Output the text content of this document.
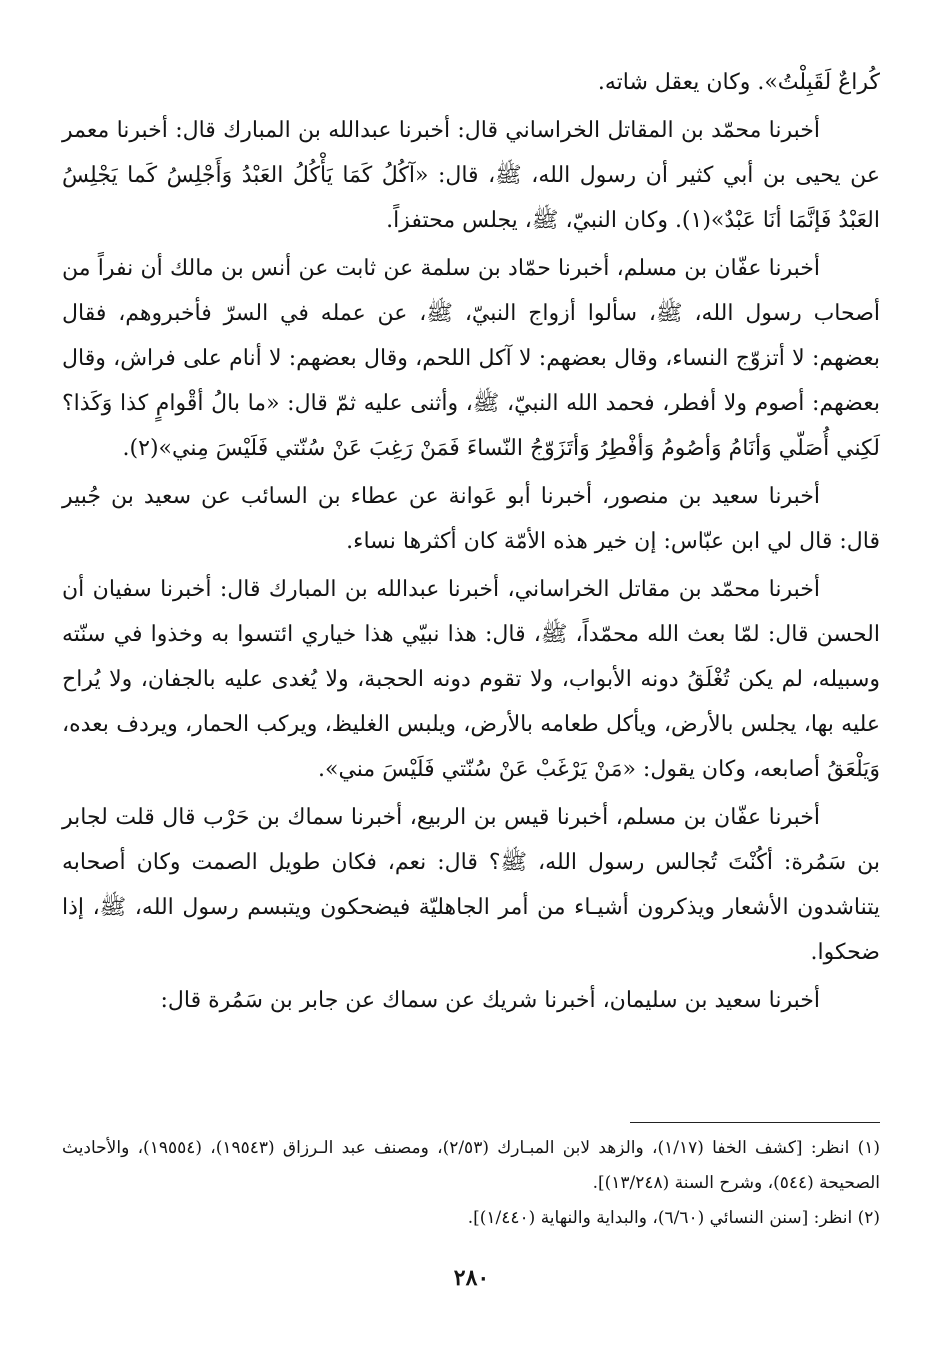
كُراعٌ لَقَبِلْتُ». وكان يعقل شاته.

أخبرنا محمّد بن المقاتل الخراساني قال: أخبرنا عبدالله بن المبارك قال: أخبرنا معمر عن يحيى بن أبي كثير أن رسول الله، ﷺ، قال: «آكُلُ كَمَا يَأْكُلُ العَبْدُ وَأَجْلِسُ كَما يَجْلِسُ العَبْدُ فَإنَّمَا أنَا عَبْدٌ»(١). وكان النبيّ، ﷺ، يجلس محتفزاً.

أخبرنا عفّان بن مسلم، أخبرنا حمّاد بن سلمة عن ثابت عن أنس بن مالك أن نفراً من أصحاب رسول الله، ﷺ، سألوا أزواج النبيّ، ﷺ، عن عمله في السرّ فأخبروهم، فقال بعضهم: لا أتزوّج النساء، وقال بعضهم: لا آكل اللحم، وقال بعضهم: لا أنام على فراش، وقال بعضهم: أصوم ولا أفطر، فحمد الله النبيّ، ﷺ، وأثنى عليه ثمّ قال: «ما بالُ أقْوامٍ كذا وَكَذا؟ لَكِني أُصَلّي وَأنَامُ وَأصُومُ وَأفْطِرُ وَأتَزَوّجُ النّساءَ فَمَنْ رَغِبَ عَنْ سُنّتي فَلَيْسَ مِني»(٢).

أخبرنا سعيد بن منصور، أخبرنا أبو عَوانة عن عطاء بن السائب عن سعيد بن جُبير قال: قال لي ابن عبّاس: إن خير هذه الأمّة كان أكثرها نساء.

أخبرنا محمّد بن مقاتل الخراساني، أخبرنا عبدالله بن المبارك قال: أخبرنا سفيان أن الحسن قال: لمّا بعث الله محمّداً، ﷺ، قال: هذا نبيّي هذا خياري ائتسوا به وخذوا في سنّته وسبيله، لم يكن تُغْلَقُ دونه الأبواب، ولا تقوم دونه الحجبة، ولا يُغدى عليه بالجفان، ولا يُراح عليه بها، يجلس بالأرض، ويأكل طعامه بالأرض، ويلبس الغليظ، ويركب الحمار، ويردف بعده، وَيَلْعَقُ أصابعه، وكان يقول: «مَنْ يَرْغَبْ عَنْ سُنّتي فَلَيْسَ مني».

أخبرنا عفّان بن مسلم، أخبرنا قيس بن الربيع، أخبرنا سماك بن حَرْب قال قلت لجابر بن سَمُرة: أكُنْتَ تُجالس رسول الله، ﷺ؟ قال: نعم، فكان طويل الصمت وكان أصحابه يتناشدون الأشعار ويذكرون أشيـاء من أمر الجاهليّة فيضحكون ويتبسم رسول الله، ﷺ، إذا ضحكوا.

أخبرنا سعيد بن سليمان، أخبرنا شريك عن سماك عن جابر بن سَمُرة قال:

(١) انظر: [كشف الخفا (١/١٧)، والزهد لابن المبـارك (٢/٥٣)، ومصنف عبد الـرزاق (١٩٥٤٣)، (١٩٥٥٤)، والأحاديث الصحيحة (٥٤٤)، وشرح السنة (١٣/٢٤٨)].

(٢) انظر: [سنن النسائي (٦/٦٠)، والبداية والنهاية (١/٤٤٠)].

٢٨٠
